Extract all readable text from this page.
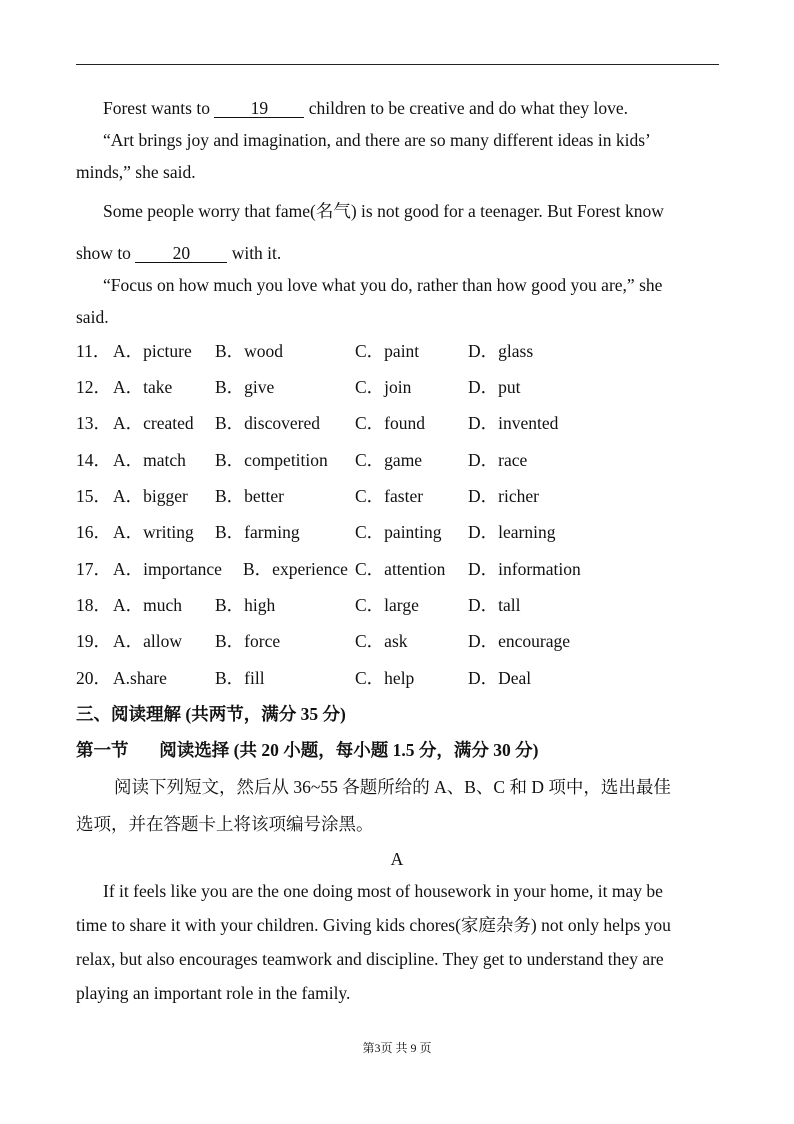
Forest wants to 19 children to be creative and do what they love.
“Art brings joy and imagination, and there are so many different ideas in kids’
minds,” she said.
Some people worry that fame(名气) is not good for a teenager. But Forest know
show to 20 with it.
“Focus on how much you love what you do, rather than how good you are,” she
said.
11． A．picture B．wood	C．paint	D．glass
12． A．take B．give	C．join	D．put
13． A．created B．discovered C．found D．invented
14． A．match B．competition C．game	D．race
15． A．bigger B．better	C．faster	D．richer
16． A．writing B．farming	C．painting D．learning
17． A．importance B．experience C．attention D．information
18． A．much B．high	C．large	D．tall
19． A．allow B．force	C．ask	D．encourage
20． A.share	B．fill	C．help	D．Deal
三、阅读理解 (共两节，满分 35 分)
第一节 阅读选择 (共 20 小题，每小题 1.5 分，满分 30 分)
阅读下列短文，然后从 36~55 各题所给的 A、B、C 和 D 项中，选出最佳
选项，并在答题卡上将该项编号涂黑。
A
If it feels like you are the one doing most of housework in your home, it may be
time to share it with your children. Giving kids chores(家庭杂务) not only helps you
relax, but also encourages teamwork and discipline. They get to understand they are
playing an important role in the family.
第3页 共 9 页
